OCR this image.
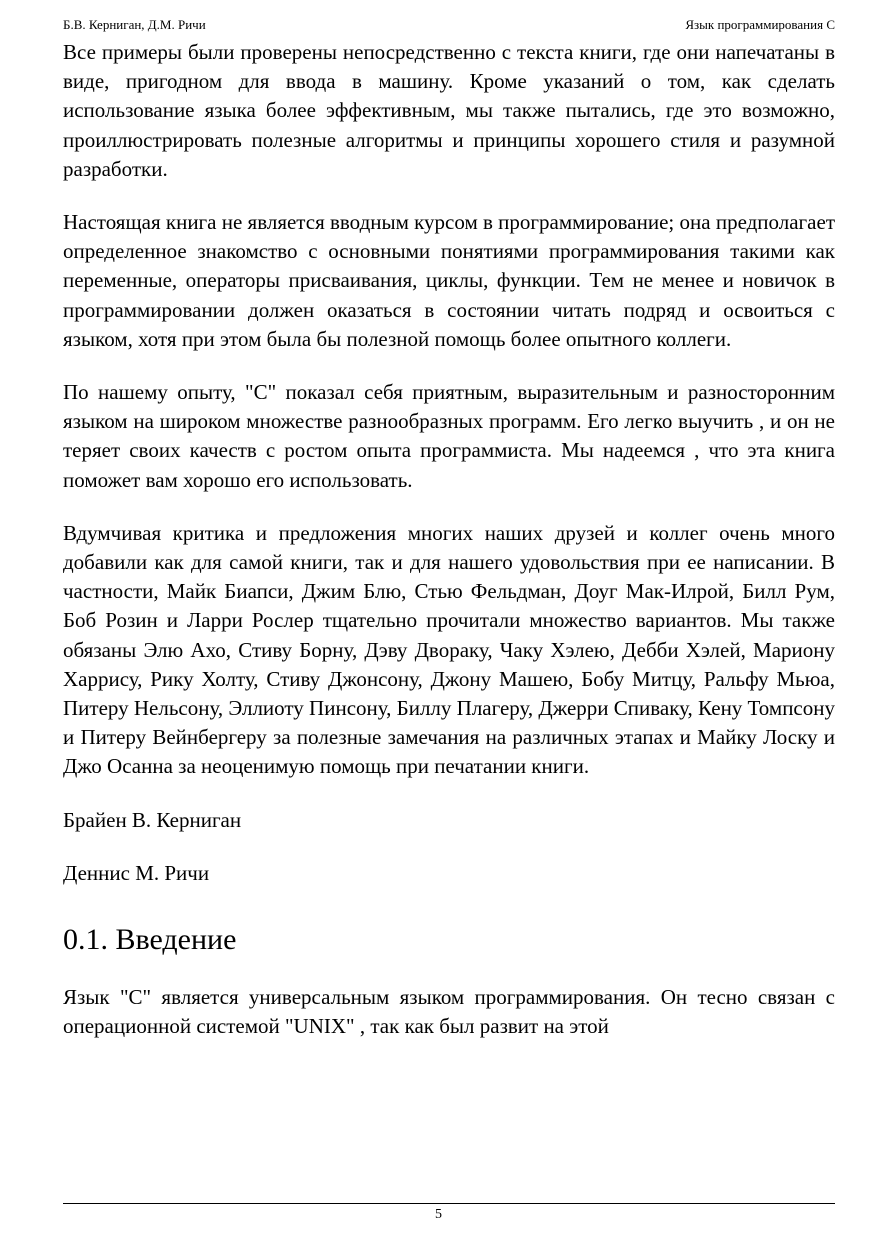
Б.В. Керниган, Д.М. Ричи	Язык программирования С

Все примеры были проверены непосредственно с текста книги, где они напечатаны в виде, пригодном для ввода в машину. Кроме указаний о том, как сделать использование языка более эффективным, мы также пытались, где это возможно, проиллюстрировать полезные алгоритмы и принципы хорошего стиля и разумной разработки.

Настоящая книга не является вводным курсом в программирование; она предполагает определенное знакомство с основными понятиями программирования такими как переменные, операторы присваивания, циклы, функции. Тем не менее и новичок в программировании должен оказаться в состоянии читать подряд и освоиться с языком, хотя при этом была бы полезной помощь более опытного коллеги.

По нашему опыту, "C" показал себя приятным, выразительным и разносторонним языком на широком множестве разнообразных программ. Его легко выучить , и он не теряет своих качеств с ростом опыта программиста. Мы надеемся , что эта книга поможет вам хорошо его использовать.

Вдумчивая критика и предложения многих наших друзей и коллег очень много добавили как для самой книги, так и для нашего удовольствия при ее написании. В частности, Майк Биапси, Джим Блю, Стью Фельдман, Доуг Мак-Илрой, Билл Рум, Боб Розин и Ларри Рослер тщательно прочитали множество вариантов. Мы также обязаны Элю Ахо, Стиву Борну, Дэву Двораку, Чаку Хэлею, Дебби Хэлей, Мариону Харрису, Рику Холту, Стиву Джонсону, Джону Машею, Бобу Митцу, Ральфу Мьюа, Питеру Нельсону, Эллиоту Пинсону, Биллу Плагеру, Джерри Спиваку, Кену Томпсону и Питеру Вейнбергеру за полезные замечания на различных этапах и Майку Лоску и Джо Осанна за неоценимую помощь при печатании книги.

Брайен В. Керниган

Деннис М. Ричи

0.1. Введение

Язык "C" является универсальным языком программирования. Он тесно связан с операционной системой "UNIX" , так как был развит на этой

5
